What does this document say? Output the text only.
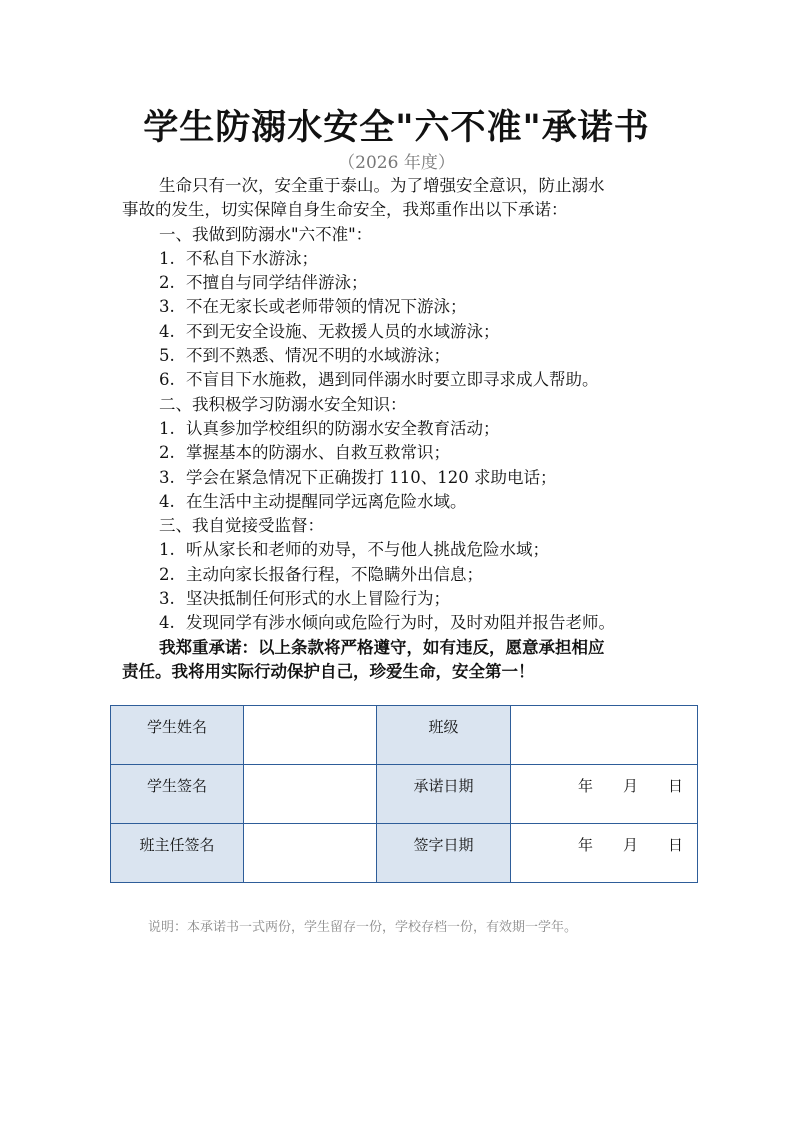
学生防溺水安全"六不准"承诺书
（2026 年度）
生命只有一次，安全重于泰山。为了增强安全意识，防止溺水
事故的发生，切实保障自身生命安全，我郑重作出以下承诺：
一、我做到防溺水"六不准"：
1. 不私自下水游泳；
2. 不擅自与同学结伴游泳；
3. 不在无家长或老师带领的情况下游泳；
4. 不到无安全设施、无救援人员的水域游泳；
5. 不到不熟悉、情况不明的水域游泳；
6. 不盲目下水施救，遇到同伴溺水时要立即寻求成人帮助。
二、我积极学习防溺水安全知识：
1. 认真参加学校组织的防溺水安全教育活动；
2. 掌握基本的防溺水、自救互救常识；
3. 学会在紧急情况下正确拨打 110、120 求助电话；
4. 在生活中主动提醒同学远离危险水域。
三、我自觉接受监督：
1. 听从家长和老师的劝导，不与他人挑战危险水域；
2. 主动向家长报备行程，不隐瞒外出信息；
3. 坚决抵制任何形式的水上冒险行为；
4. 发现同学有涉水倾向或危险行为时，及时劝阻并报告老师。
我郑重承诺：以上条款将严格遵守，如有违反，愿意承担相应
责任。我将用实际行动保护自己，珍爱生命，安全第一！
学生姓名		班级	
学生签名		承诺日期	年　　月　　日
班主任签名		签字日期	年　　月　　日
说明：本承诺书一式两份，学生留存一份，学校存档一份，有效期一学年。
